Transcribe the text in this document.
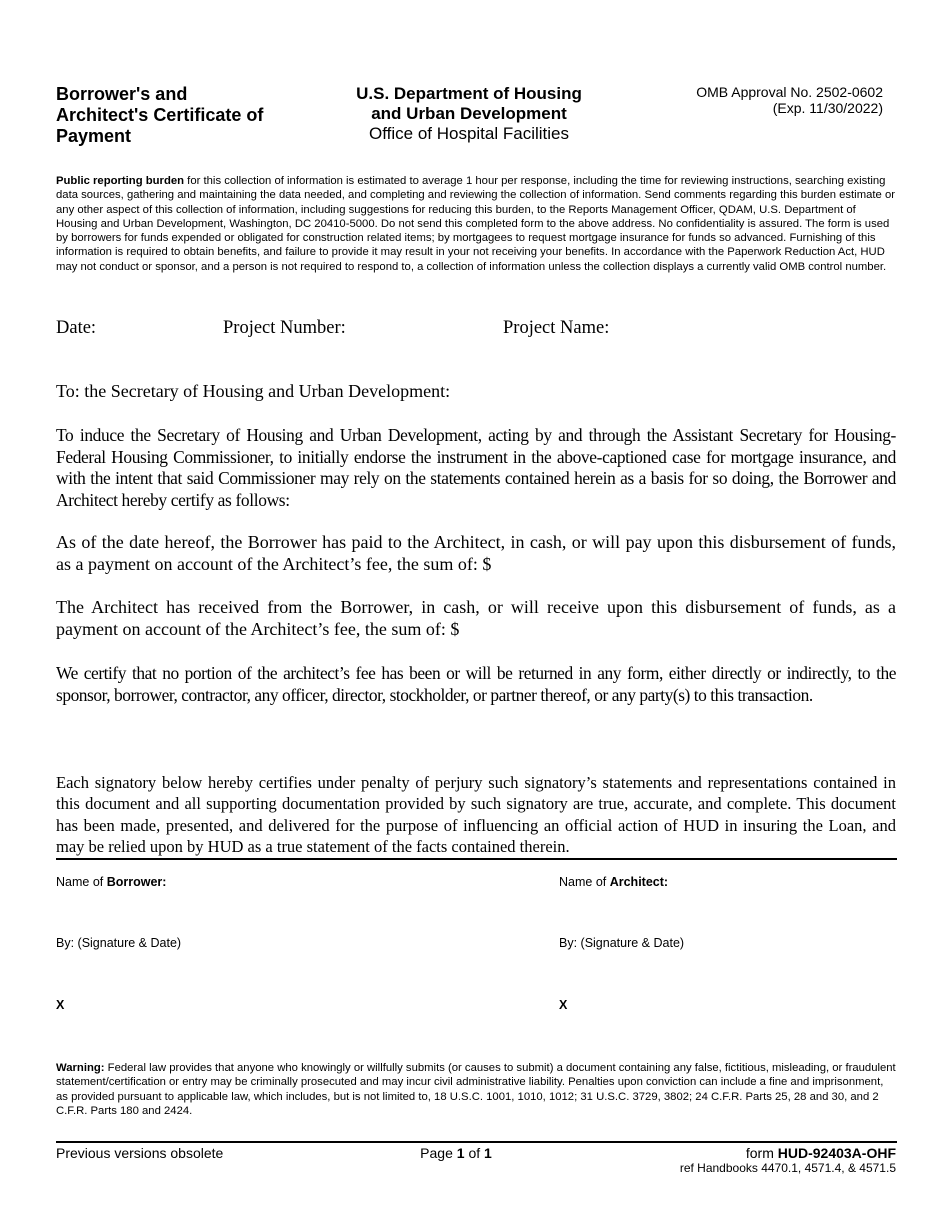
Borrower's and
Architect's Certificate of
Payment
U.S. Department of Housing
and Urban Development
Office of Hospital Facilities
OMB Approval No. 2502-0602
(Exp. 11/30/2022)
Public reporting burden for this collection of information is estimated to average 1 hour per response, including the time for reviewing instructions, searching existing data sources, gathering and maintaining the data needed, and completing and reviewing the collection of information. Send comments regarding this burden estimate or any other aspect of this collection of information, including suggestions for reducing this burden, to the Reports Management Officer, QDAM, U.S. Department of Housing and Urban Development, Washington, DC 20410-5000. Do not send this completed form to the above address. No confidentiality is assured. The form is used by borrowers for funds expended or obligated for construction related items; by mortgagees to request mortgage insurance for funds so advanced. Furnishing of this information is required to obtain benefits, and failure to provide it may result in your not receiving your benefits. In accordance with the Paperwork Reduction Act, HUD may not conduct or sponsor, and a person is not required to respond to, a collection of information unless the collection displays a currently valid OMB control number.
Date:	Project Number:	Project Name:
To: the Secretary of Housing and Urban Development:
To induce the Secretary of Housing and Urban Development, acting by and through the Assistant Secretary for Housing-Federal Housing Commissioner, to initially endorse the instrument in the above-captioned case for mortgage insurance, and with the intent that said Commissioner may rely on the statements contained herein as a basis for so doing, the Borrower and Architect hereby certify as follows:
As of the date hereof, the Borrower has paid to the Architect, in cash, or will pay upon this disbursement of funds, as a payment on account of the Architect’s fee, the sum of: $
The Architect has received from the Borrower, in cash, or will receive upon this disbursement of funds, as a payment on account of the Architect’s fee, the sum of: $
We certify that no portion of the architect’s fee has been or will be returned in any form, either directly or indirectly, to the sponsor, borrower, contractor, any officer, director, stockholder, or partner thereof, or any party(s) to this transaction.
Each signatory below hereby certifies under penalty of perjury such signatory’s statements and representations contained in this document and all supporting documentation provided by such signatory are true, accurate, and complete. This document has been made, presented, and delivered for the purpose of influencing an official action of HUD in insuring the Loan, and may be relied upon by HUD as a true statement of the facts contained therein.
Name of Borrower:	Name of Architect:
By: (Signature & Date)	By: (Signature & Date)
X	X
Warning: Federal law provides that anyone who knowingly or willfully submits (or causes to submit) a document containing any false, fictitious, misleading, or fraudulent statement/certification or entry may be criminally prosecuted and may incur civil administrative liability. Penalties upon conviction can include a fine and imprisonment, as provided pursuant to applicable law, which includes, but is not limited to, 18 U.S.C. 1001, 1010, 1012; 31 U.S.C. 3729, 3802; 24 C.F.R. Parts 25, 28 and 30, and 2 C.F.R. Parts 180 and 2424.
Previous versions obsolete	Page 1 of 1	form HUD-92403A-OHF
ref Handbooks 4470.1, 4571.4, & 4571.5
